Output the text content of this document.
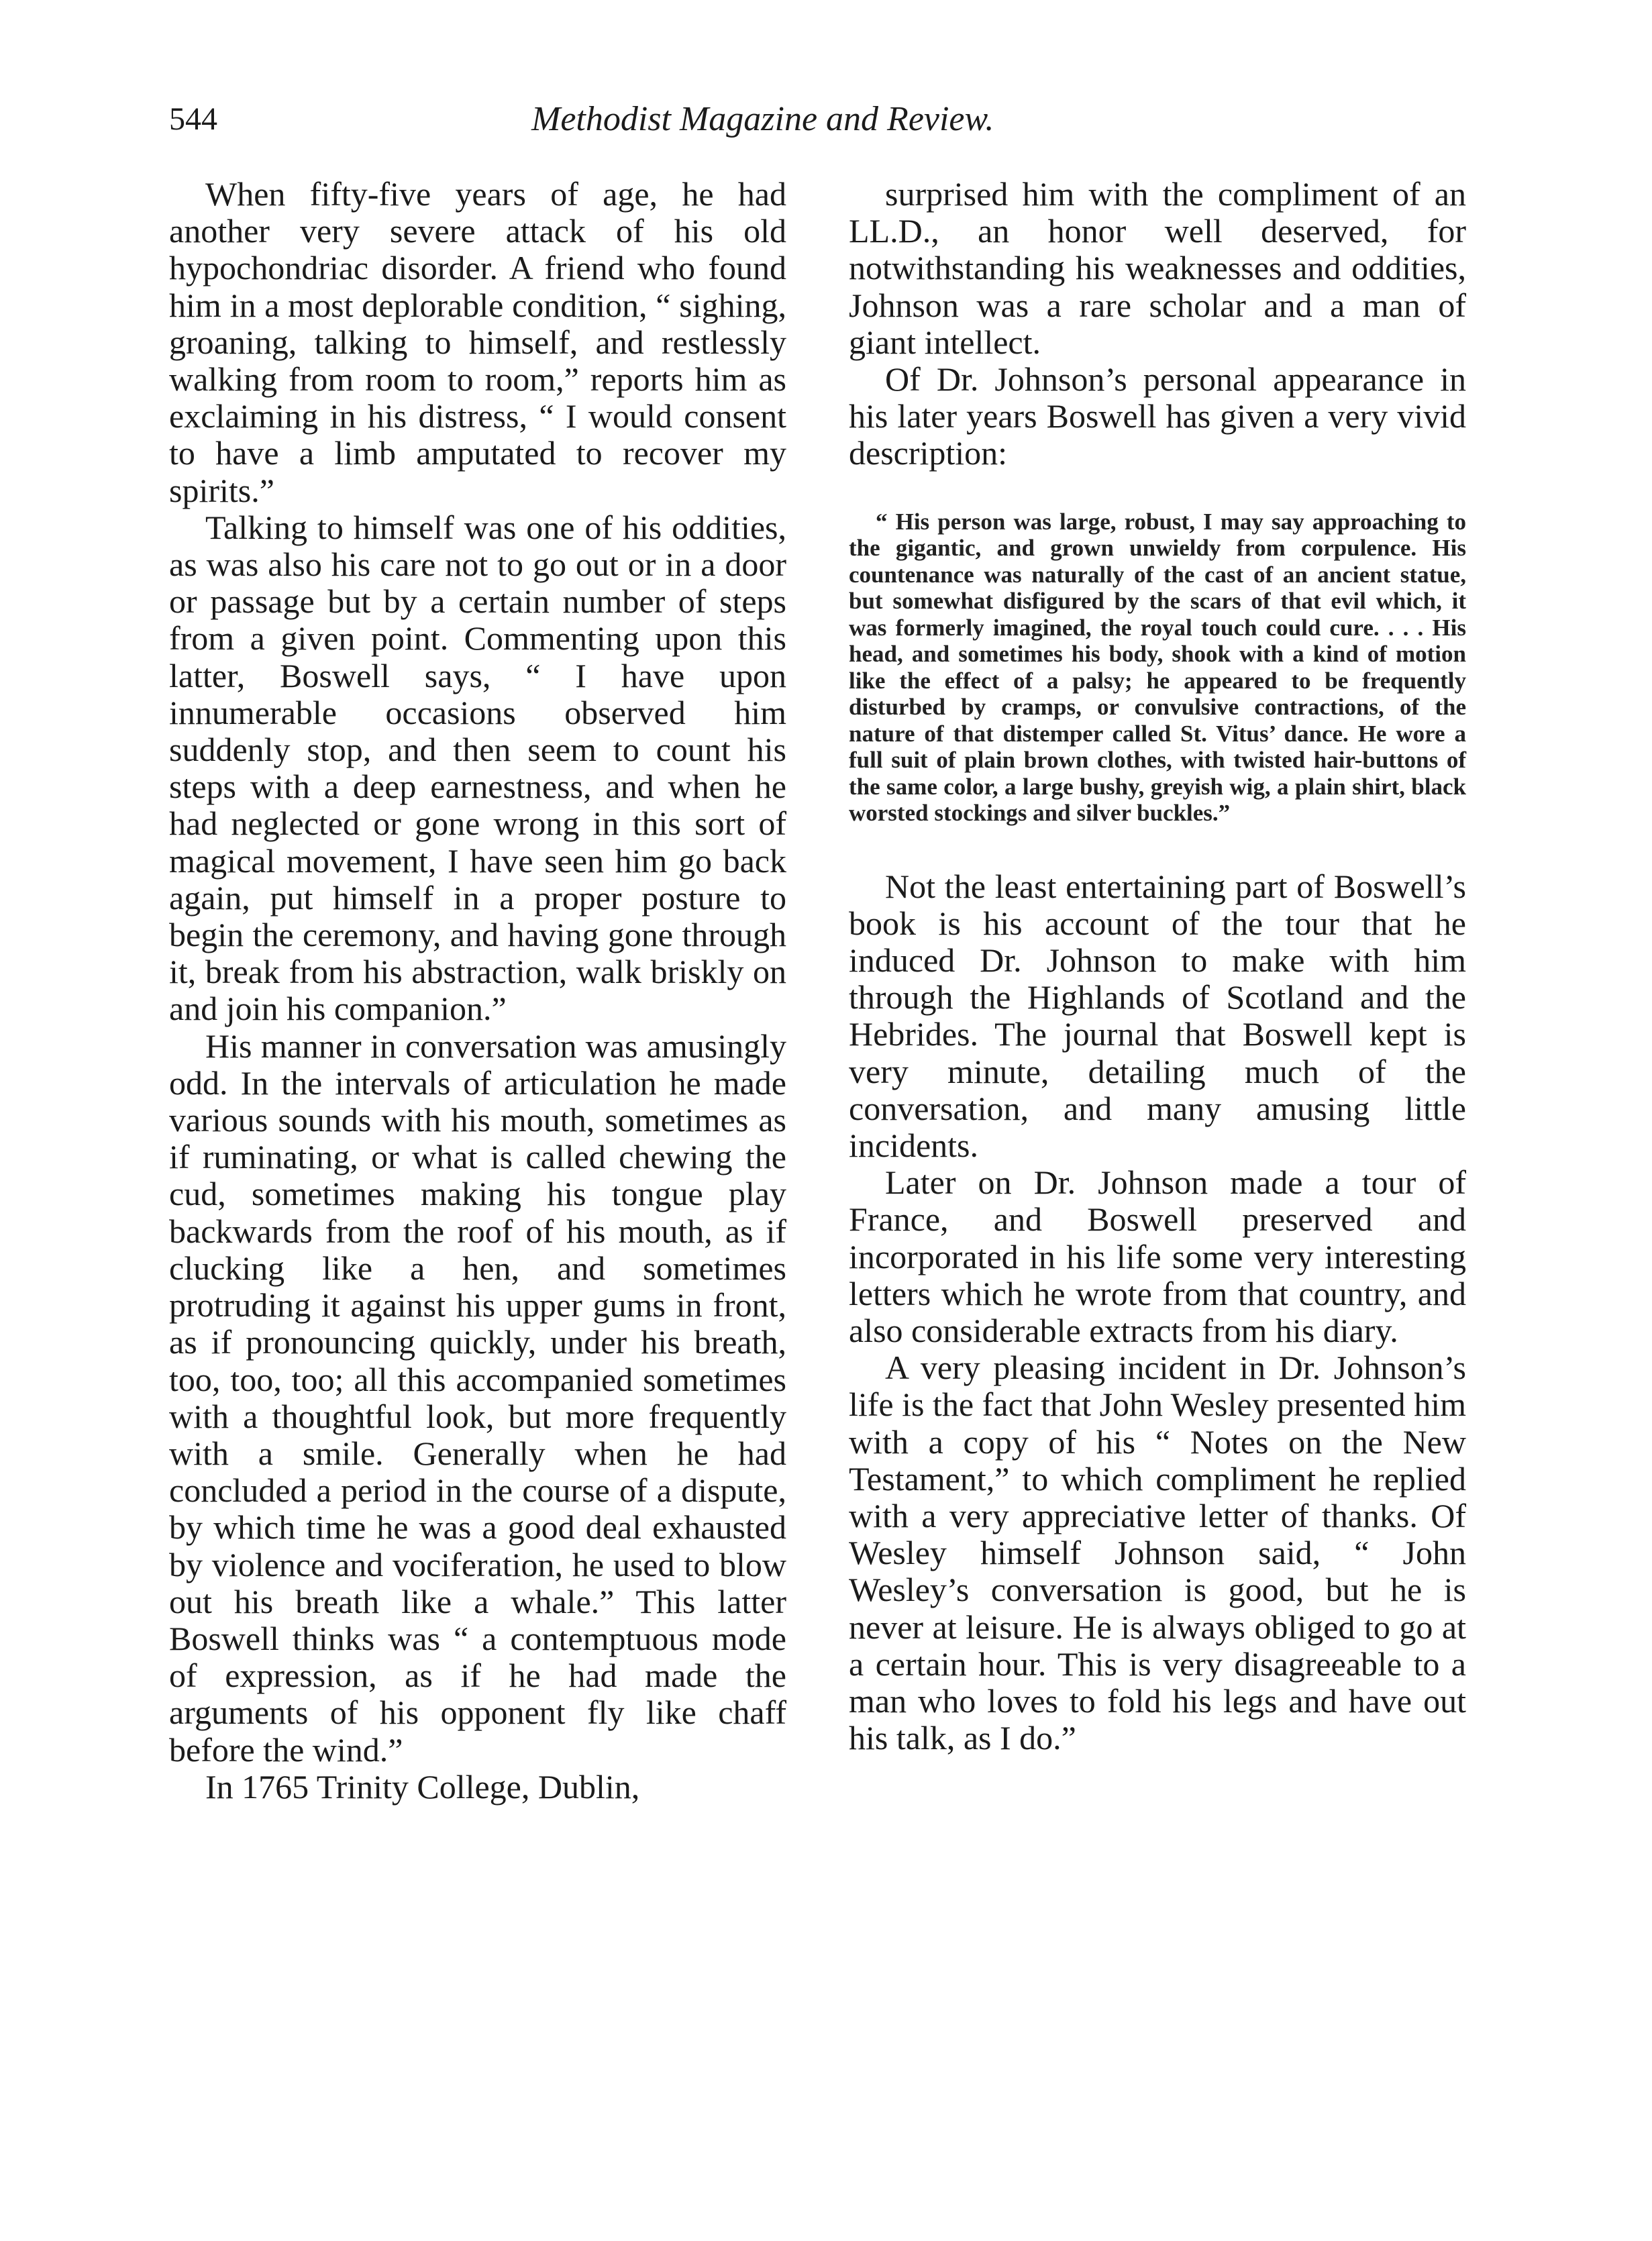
544	Methodist Magazine and Review.

When fifty-five years of age, he had another very severe attack of his old hypochondriac disorder. A friend who found him in a most deplorable condition, “ sighing, groaning, talking to himself, and restlessly walking from room to room,” reports him as exclaiming in his distress, “ I would consent to have a limb amputated to recover my spirits.”

Talking to himself was one of his oddities, as was also his care not to go out or in a door or passage but by a certain number of steps from a given point. Commenting upon this latter, Boswell says, “ I have upon innumerable occasions observed him suddenly stop, and then seem to count his steps with a deep earnestness, and when he had neglected or gone wrong in this sort of magical movement, I have seen him go back again, put himself in a proper posture to begin the ceremony, and having gone through it, break from his abstraction, walk briskly on and join his companion.”

His manner in conversation was amusingly odd. In the intervals of articulation he made various sounds with his mouth, sometimes as if ruminating, or what is called chewing the cud, sometimes making his tongue play backwards from the roof of his mouth, as if clucking like a hen, and sometimes protruding it against his upper gums in front, as if pronouncing quickly, under his breath, too, too, too; all this accompanied sometimes with a thoughtful look, but more frequently with a smile. Generally when he had concluded a period in the course of a dispute, by which time he was a good deal exhausted by violence and vociferation, he used to blow out his breath like a whale.” This latter Boswell thinks was “ a contemptuous mode of expression, as if he had made the arguments of his opponent fly like chaff before the wind.”

In 1765 Trinity College, Dublin,

surprised him with the compliment of an LL.D., an honor well deserved, for notwithstanding his weaknesses and oddities, Johnson was a rare scholar and a man of giant intellect.

Of Dr. Johnson’s personal appearance in his later years Boswell has given a very vivid description:

“ His person was large, robust, I may say approaching to the gigantic, and grown unwieldy from corpulence. His countenance was naturally of the cast of an ancient statue, but somewhat disfigured by the scars of that evil which, it was formerly imagined, the royal touch could cure. . . . His head, and sometimes his body, shook with a kind of motion like the effect of a palsy; he appeared to be frequently disturbed by cramps, or convulsive contractions, of the nature of that distemper called St. Vitus’ dance. He wore a full suit of plain brown clothes, with twisted hair-buttons of the same color, a large bushy, greyish wig, a plain shirt, black worsted stockings and silver buckles.”

Not the least entertaining part of Boswell’s book is his account of the tour that he induced Dr. Johnson to make with him through the Highlands of Scotland and the Hebrides. The journal that Boswell kept is very minute, detailing much of the conversation, and many amusing little incidents.

Later on Dr. Johnson made a tour of France, and Boswell preserved and incorporated in his life some very interesting letters which he wrote from that country, and also considerable extracts from his diary.

A very pleasing incident in Dr. Johnson’s life is the fact that John Wesley presented him with a copy of his “ Notes on the New Testament,” to which compliment he replied with a very appreciative letter of thanks. Of Wesley himself Johnson said, “ John Wesley’s conversation is good, but he is never at leisure. He is always obliged to go at a certain hour. This is very disagreeable to a man who loves to fold his legs and have out his talk, as I do.”
